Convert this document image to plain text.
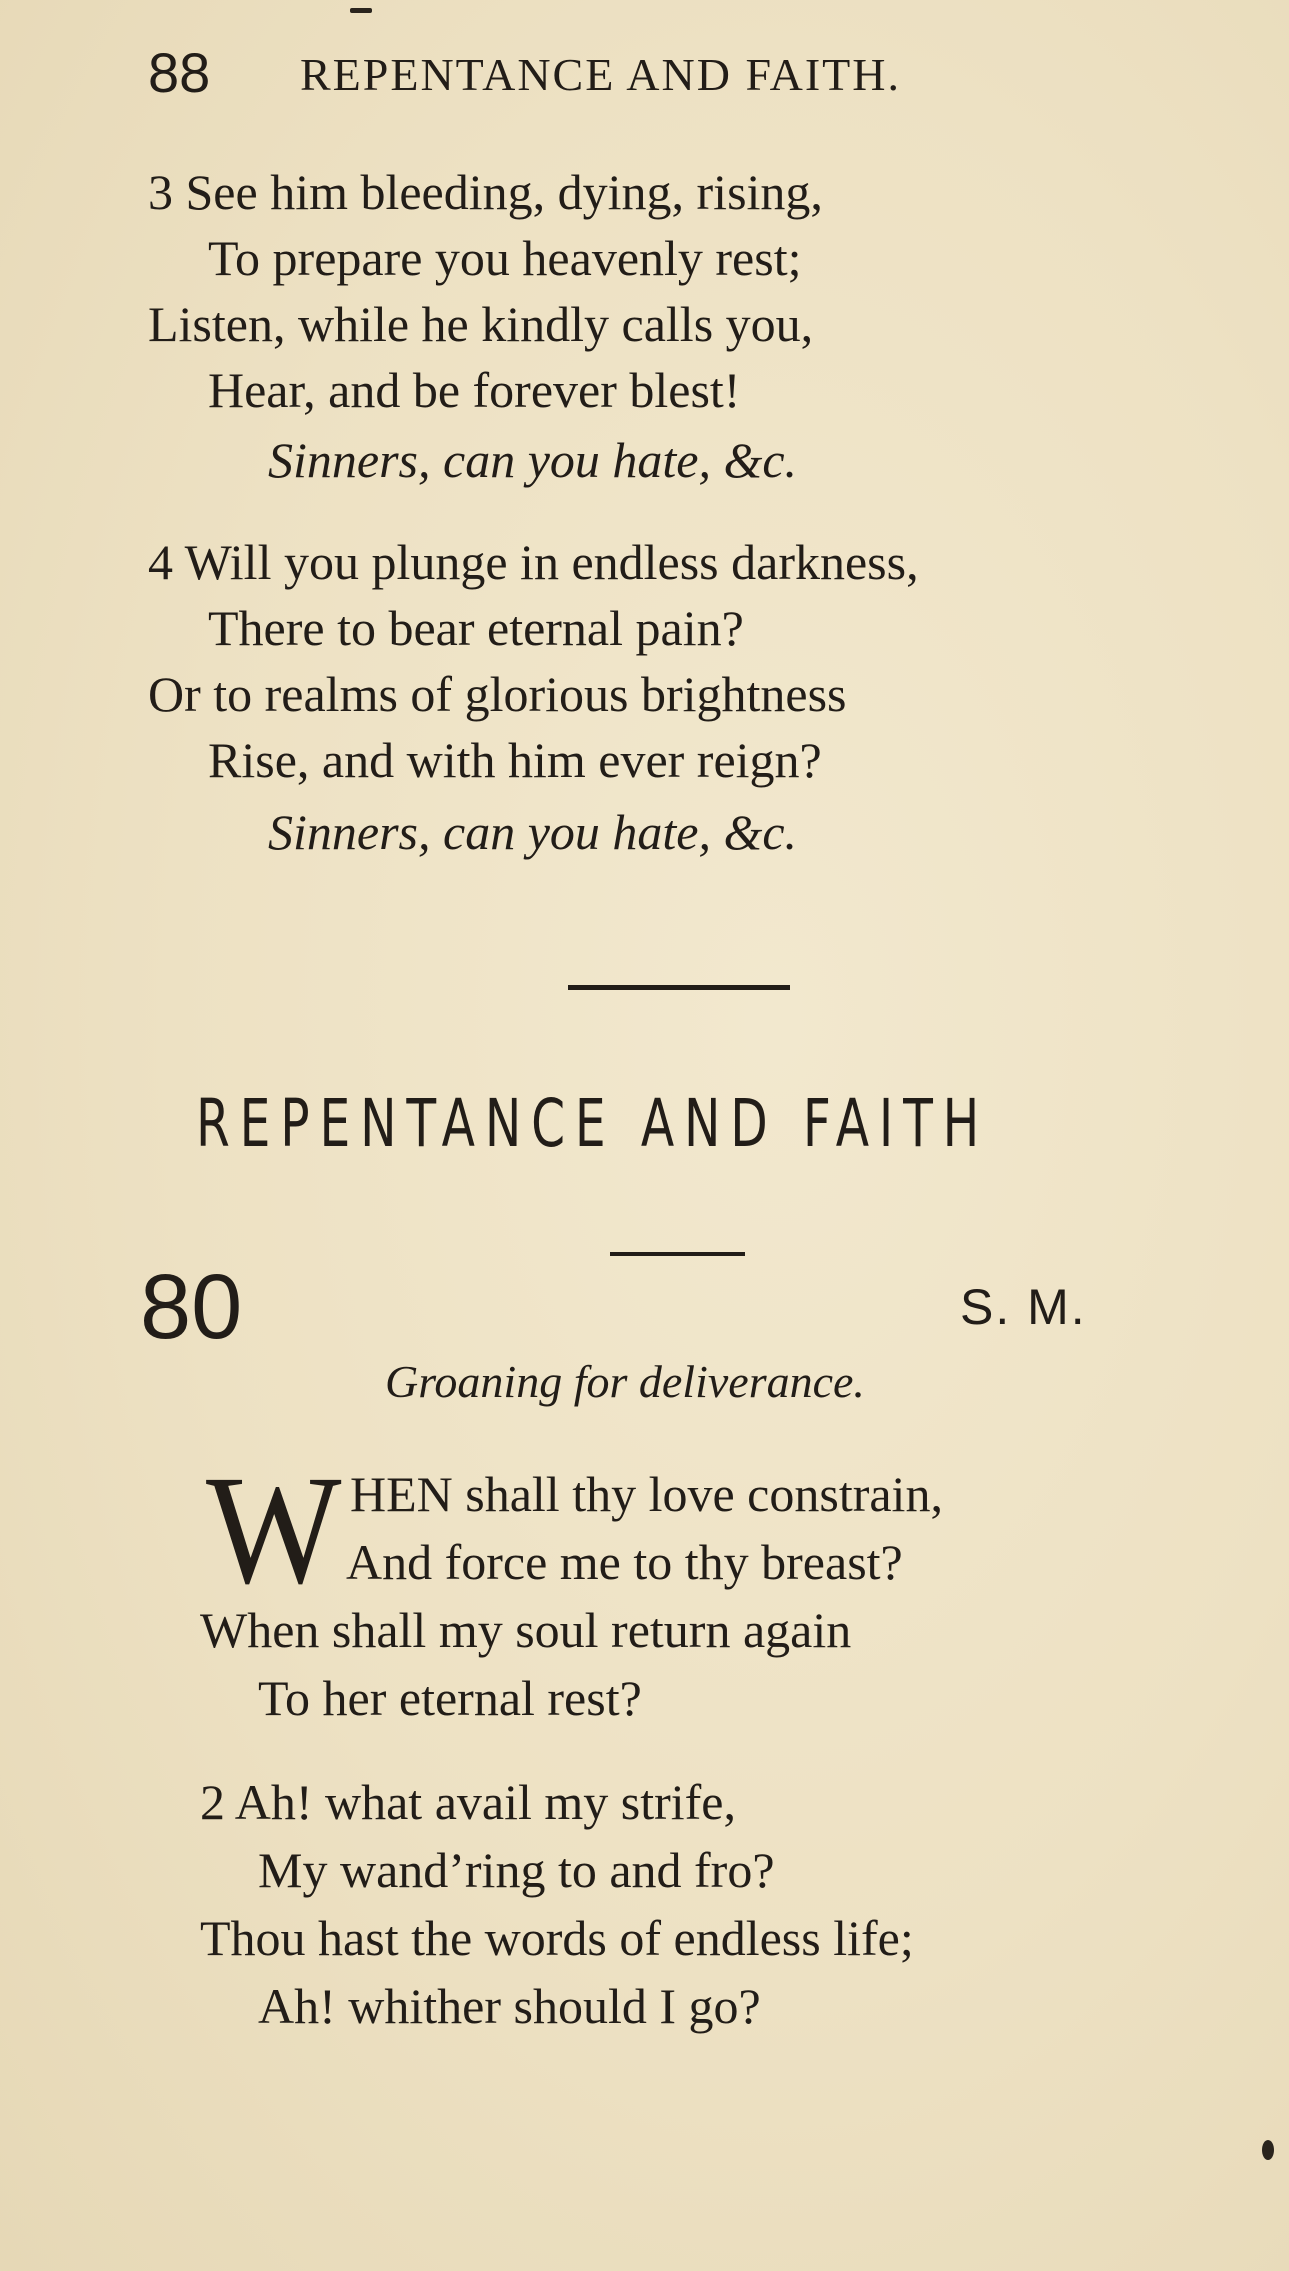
88 REPENTANCE AND FAITH.
3 See him bleeding, dying, rising,
To prepare you heavenly rest;
Listen, while he kindly calls you,
Hear, and be forever blest!
Sinners, can you hate, &c.
4 Will you plunge in endless darkness,
There to bear eternal pain?
Or to realms of glorious brightness
Rise, and with him ever reign?
Sinners, can you hate, &c.
REPENTANCE AND FAITH
80	S. M.
Groaning for deliverance.
W HEN shall thy love constrain,
And force me to thy breast?
When shall my soul return again
To her eternal rest?
2 Ah! what avail my strife,
My wand’ring to and fro?
Thou hast the words of endless life;
Ah! whither should I go?
